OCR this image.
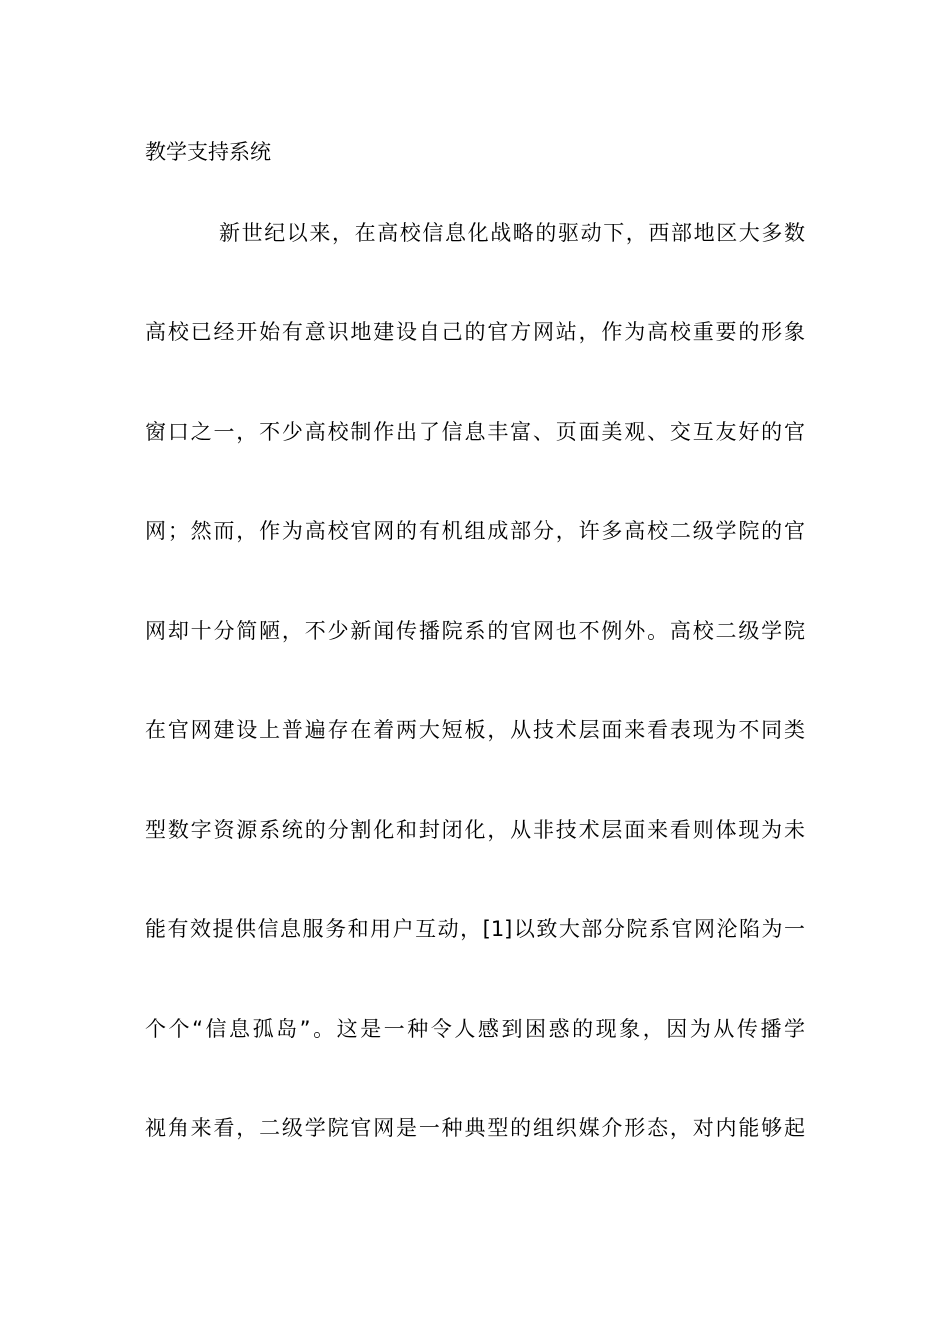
教学支持系统
新世纪以来，在高校信息化战略的驱动下，西部地区大多数
高校已经开始有意识地建设自己的官方网站，作为高校重要的形象
窗口之一，不少高校制作出了信息丰富、页面美观、交互友好的官
网；然而，作为高校官网的有机组成部分，许多高校二级学院的官
网却十分简陋，不少新闻传播院系的官网也不例外。高校二级学院
在官网建设上普遍存在着两大短板，从技术层面来看表现为不同类
型数字资源系统的分割化和封闭化，从非技术层面来看则体现为未
能有效提供信息服务和用户互动，[1]以致大部分院系官网沦陷为一
个个“信息孤岛”。这是一种令人感到困惑的现象，因为从传播学
视角来看，二级学院官网是一种典型的组织媒介形态，对内能够起
